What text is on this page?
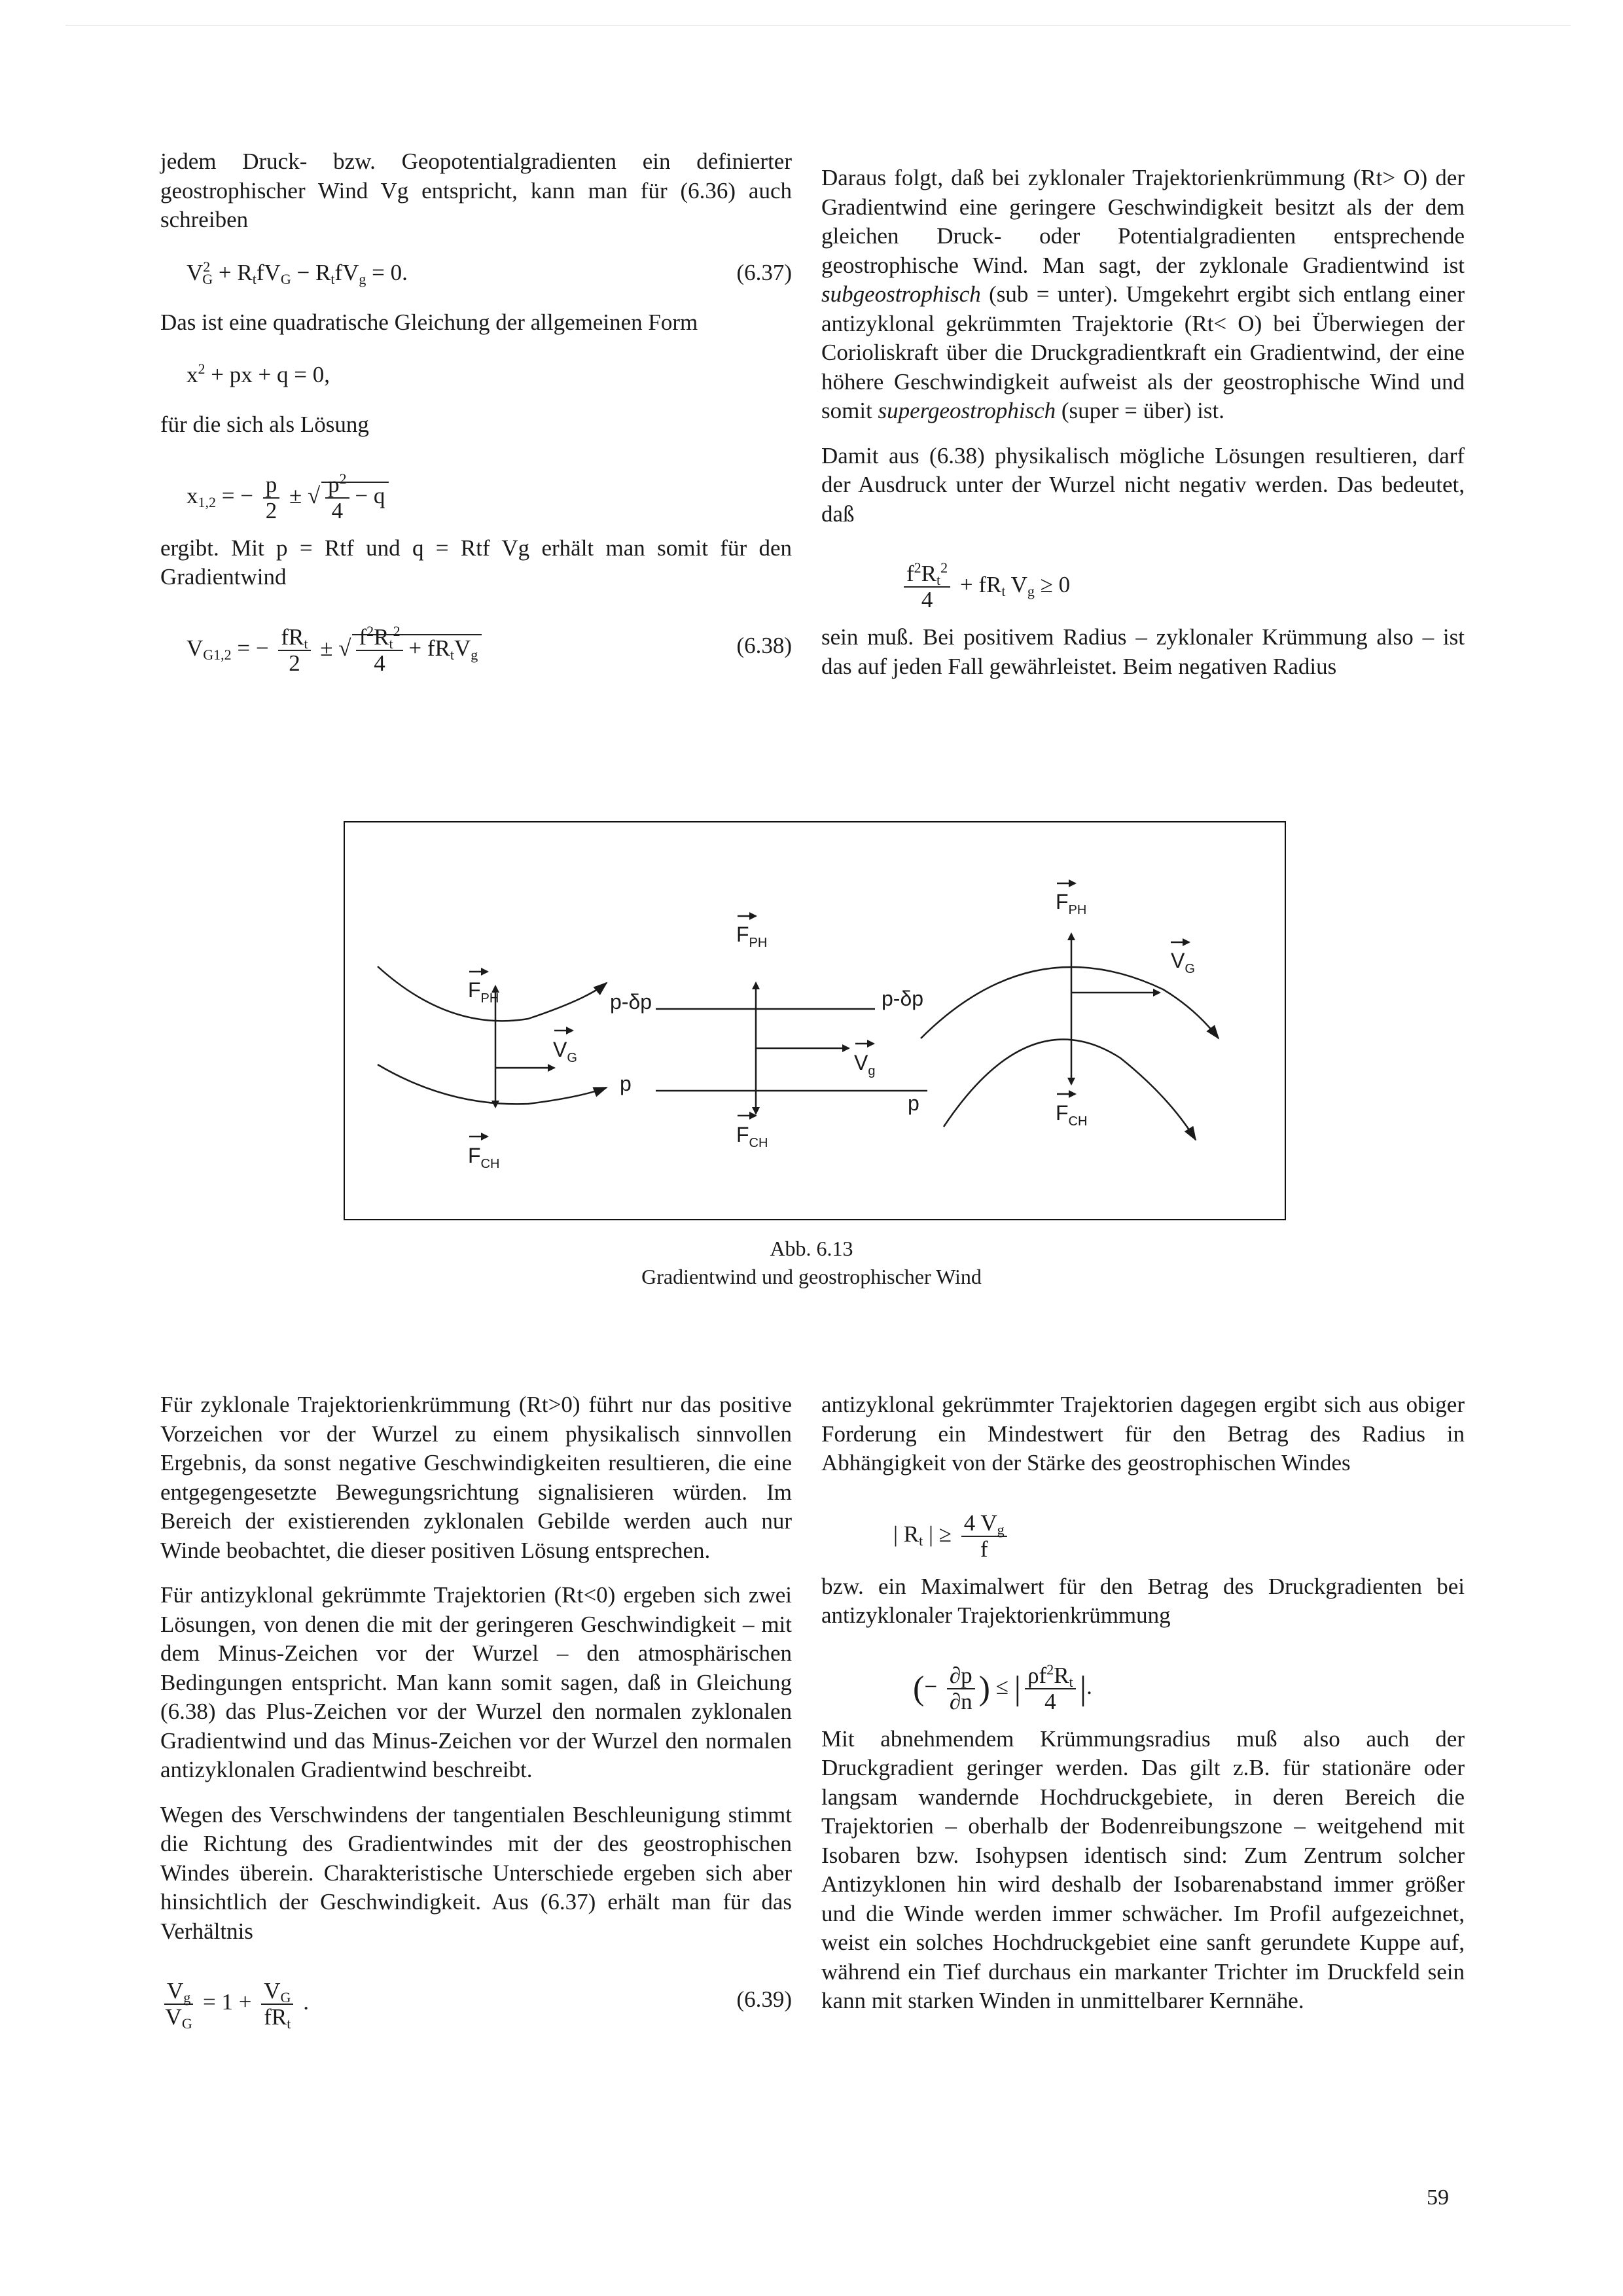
jedem Druck- bzw. Geopotentialgradienten ein definierter geostrophischer Wind Vg entspricht, kann man für (6.36) auch schreiben

$V^2_G + R_tfV_G - R_tfV_g = 0$.	(6.37)

Das ist eine quadratische Gleichung der allgemeinen Form

$x^2$ + px + q = 0,

für die sich als Lösung

$x_{1,2}$ = − $\frac{p}{2}$ ± √ $\frac{p^2}{4} - q$

ergibt. Mit p = Rtf und q = Rtf Vg erhält man somit für den Gradientwind

$V_{G1,2}$ = − $fR_t$
2
± √ $\frac{f^2R_t^2}{4} + fR_tV_g$	(6.38)

Daraus folgt, daß bei zyklonaler Trajektorienkrümmung (Rt> O) der Gradientwind eine geringere Geschwindigkeit besitzt als der dem gleichen Druck- oder Potentialgradienten entsprechende geostrophische Wind. Man sagt, der zyklonale Gradientwind ist subgeostrophisch (sub = unter). Umgekehrt ergibt sich entlang einer antizyklonal gekrümmten Trajektorie (Rt< O) bei Überwiegen der Corioliskraft über die Druckgradientkraft ein Gradientwind, der eine höhere Geschwindigkeit aufweist als der geostrophische Wind und somit supergeostrophisch (super = über) ist.

Damit aus (6.38) physikalisch mögliche Lösungen resultieren, darf der Ausdruck unter der Wurzel nicht negativ werden. Das bedeutet, daß

$\frac{f^2R_t^2}{4} + fR_t$ $V_g \ge 0$

sein muß. Bei positivem Radius – zyklonaler Krümmung also – ist das auf jeden Fall gewährleistet. Beim negativen Radius

$F_{PH}$
$F_{CH}$
$V_G$
p-δp
p
$F_{PH}$
$F_{CH}$
$V_g$
p-δp
p
$F_{PH}$
$F_{CH}$
$V_G$
Abb. 6.13
Gradientwind und geostrophischer Wind

Für zyklonale Trajektorienkrümmung (Rt>0) führt nur das positive Vorzeichen vor der Wurzel zu einem physikalisch sinnvollen Ergebnis, da sonst negative Geschwindigkeiten resultieren, die eine entgegengesetzte Bewegungsrichtung signalisieren würden. Im Bereich der existierenden zyklonalen Gebilde werden auch nur Winde beobachtet, die dieser positiven Lösung entsprechen.

Für antizyklonal gekrümmte Trajektorien (Rt<0) ergeben sich zwei Lösungen, von denen die mit der geringeren Geschwindigkeit – mit dem Minus-Zeichen vor der Wurzel – den atmosphärischen Bedingungen entspricht. Man kann somit sagen, daß in Gleichung (6.38) das Plus-Zeichen vor der Wurzel den normalen zyklonalen Gradientwind und das Minus-Zeichen vor der Wurzel den normalen antizyklonalen Gradientwind beschreibt.

Wegen des Verschwindens der tangentialen Beschleunigung stimmt die Richtung des Gradientwindes mit der des geostrophischen Windes überein. Charakteristische Unterschiede ergeben sich aber hinsichtlich der Geschwindigkeit. Aus (6.37) erhält man für das Verhältnis

$\frac{V_g}{V_G} = 1 + V_G$
$fR_t$
.	(6.39)

antizyklonal gekrümmter Trajektorien dagegen ergibt sich aus obiger Forderung ein Mindestwert für den Betrag des Radius in Abhängigkeit von der Stärke des geostrophischen Windes

| $R_t$ | ≥ $\frac{4 V_g}{f}$

bzw. ein Maximalwert für den Betrag des Druckgradienten bei antizyklonaler Trajektorienkrümmung

(− $\frac{\partial p}{\partial n}$ ) ≤ | $\frac{\rho f^2R_t}{4}$ |.

Mit abnehmendem Krümmungsradius muß also auch der Druckgradient geringer werden. Das gilt z.B. für stationäre oder langsam wandernde Hochdruckgebiete, in deren Bereich die Trajektorien – oberhalb der Bodenreibungszone – weitgehend mit Isobaren bzw. Isohypsen identisch sind: Zum Zentrum solcher Antizyklonen hin wird deshalb der Isobarenabstand immer größer und die Winde werden immer schwächer. Im Profil aufgezeichnet, weist ein solches Hochdruckgebiet eine sanft gerundete Kuppe auf, während ein Tief durchaus ein markanter Trichter im Druckfeld sein kann mit starken Winden in unmittelbarer Kernnähe.

59
